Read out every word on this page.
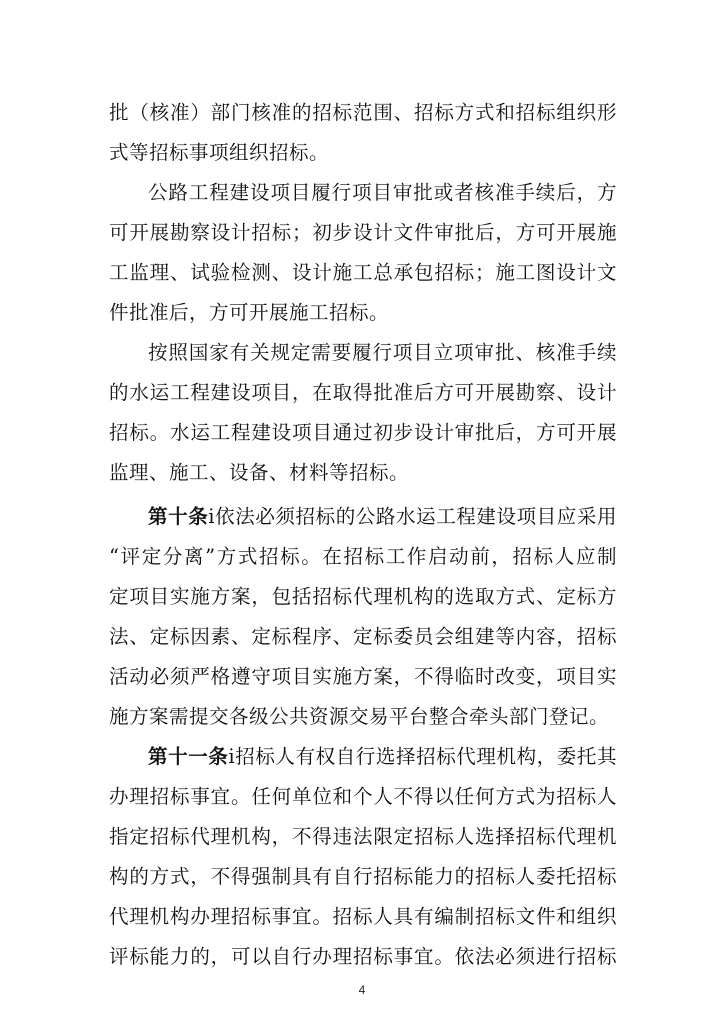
批（核准）部门核准的招标范围、招标方式和招标组织形
式等招标事项组织招标。
公路工程建设项目履行项目审批或者核准手续后，方
可开展勘察设计招标；初步设计文件审批后，方可开展施
工监理、试验检测、设计施工总承包招标；施工图设计文
件批准后，方可开展施工招标。
按照国家有关规定需要履行项目立项审批、核准手续
的水运工程建设项目，在取得批准后方可开展勘察、设计
招标。水运工程建设项目通过初步设计审批后，方可开展
监理、施工、设备、材料等招标。
第十条ⅰ依法必须招标的公路水运工程建设项目应采用
“评定分离”方式招标。在招标工作启动前，招标人应制
定项目实施方案，包括招标代理机构的选取方式、定标方
法、定标因素、定标程序、定标委员会组建等内容，招标
活动必须严格遵守项目实施方案，不得临时改变，项目实
施方案需提交各级公共资源交易平台整合牵头部门登记。
第十一条ⅰ招标人有权自行选择招标代理机构，委托其
办理招标事宜。任何单位和个人不得以任何方式为招标人
指定招标代理机构，不得违法限定招标人选择招标代理机
构的方式，不得强制具有自行招标能力的招标人委托招标
代理机构办理招标事宜。招标人具有编制招标文件和组织
评标能力的，可以自行办理招标事宜。依法必须进行招标
4
